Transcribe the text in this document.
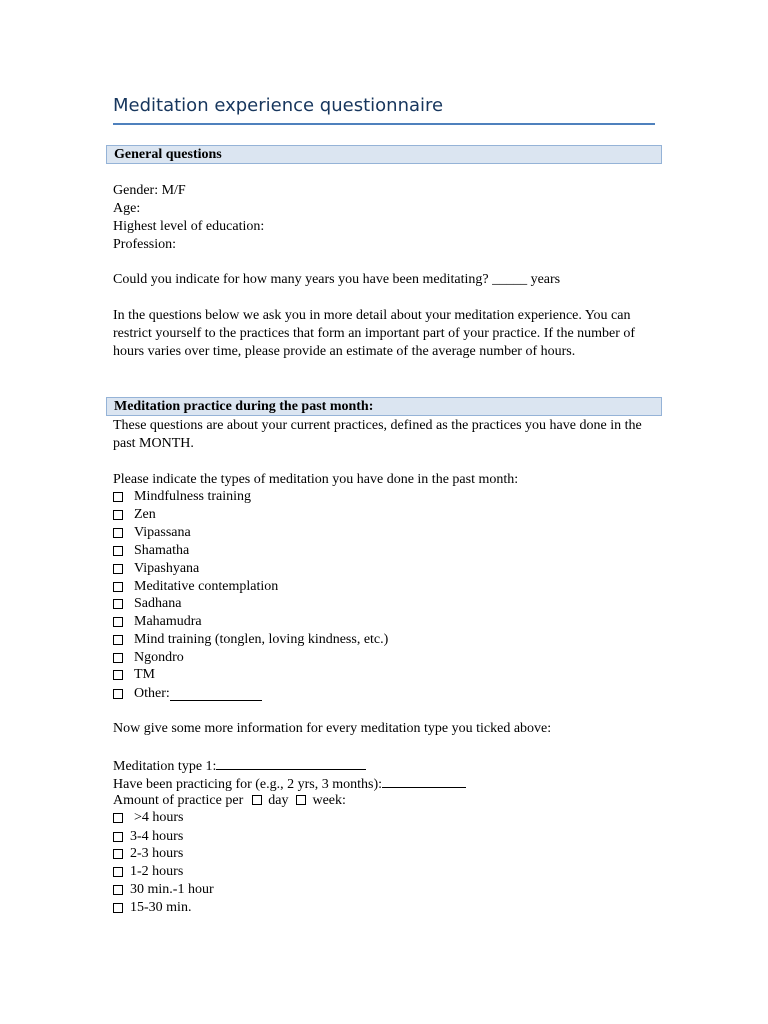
Meditation experience questionnaire
General questions
Gender: M/F
Age:
Highest level of education:
Profession:
Could you indicate for how many years you have been meditating? _____ years
In the questions below we ask you in more detail about your meditation experience. You can restrict yourself to the practices that form an important part of your practice. If the number of hours varies over time, please provide an estimate of the average number of hours.
Meditation practice during the past month:
These questions are about your current practices, defined as the practices you have done in the past MONTH.
Please indicate the types of meditation you have done in the past month:
Mindfulness training
Zen
Vipassana
Shamatha
Vipashyana
Meditative contemplation
Sadhana
Mahamudra
Mind training (tonglen, loving kindness, etc.)
Ngondro
TM
Other:
Now give some more information for every meditation type you ticked above:
Meditation type 1:
Have been practicing for (e.g., 2 yrs, 3 months):
Amount of practice per day week:
>4 hours
3-4 hours
2-3 hours
1-2 hours
30 min.-1 hour
15-30 min.
